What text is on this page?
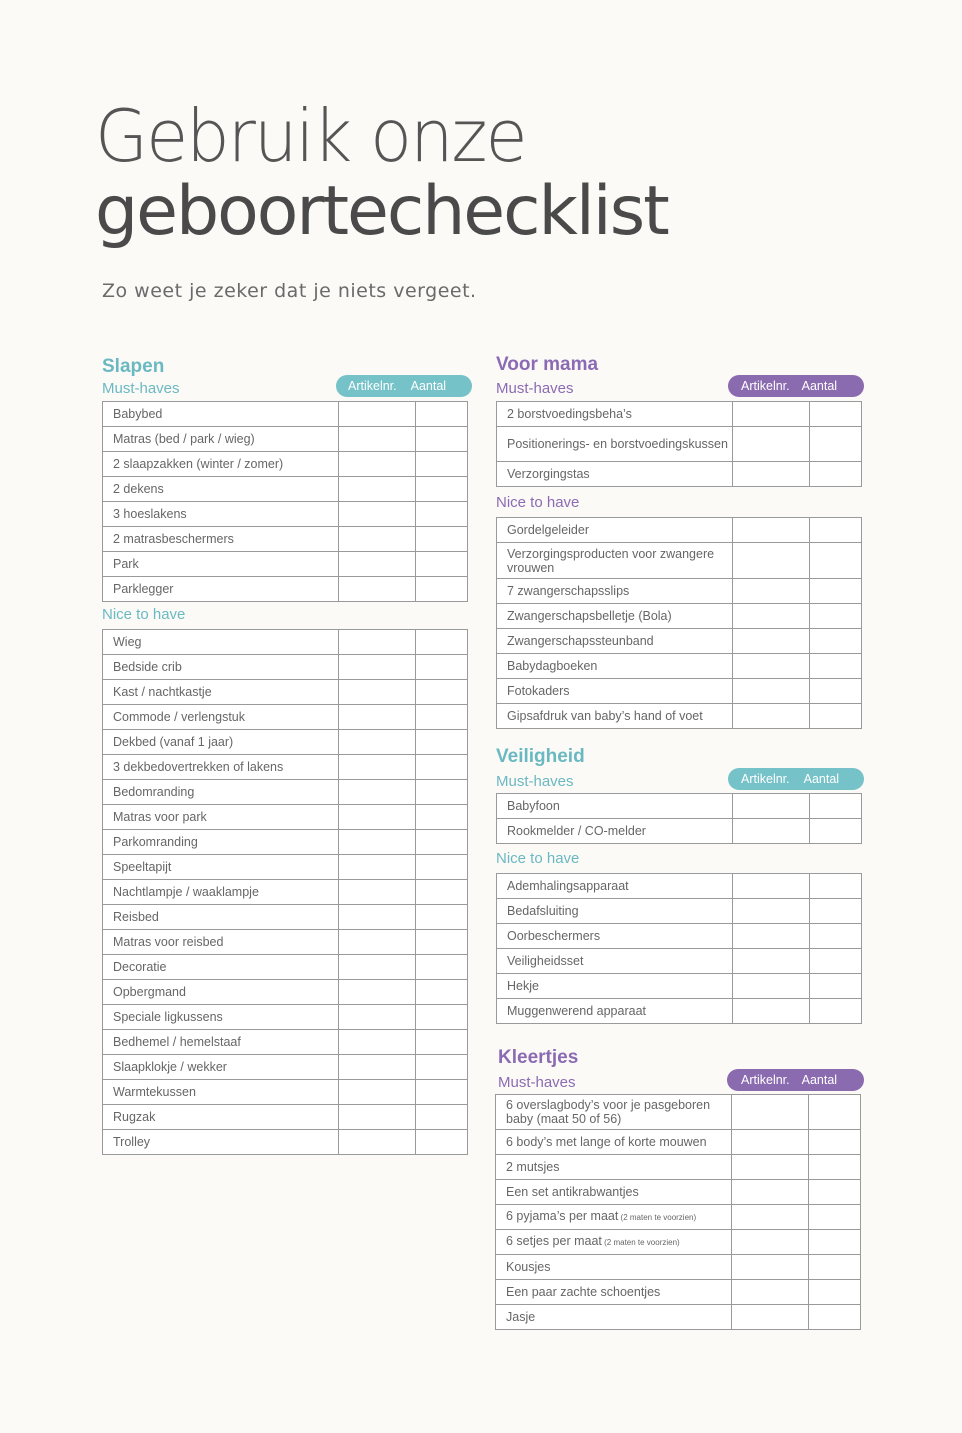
Gebruik onze
geboortechecklist
Zo weet je zeker dat je niets vergeet.
Slapen
Must-haves	Artikelnr. Aantal
Babybed		
Matras (bed / park / wieg)		
2 slaapzakken (winter / zomer)		
2 dekens		
3 hoeslakens		
2 matrasbeschermers		
Park		
Parklegger		
Nice to have
Wieg		
Bedside crib		
Kast / nachtkastje		
Commode / verlengstuk		
Dekbed (vanaf 1 jaar)		
3 dekbedovertrekken of lakens		
Bedomranding		
Matras voor park		
Parkomranding		
Speeltapijt		
Nachtlampje / waaklampje		
Reisbed		
Matras voor reisbed		
Decoratie		
Opbergmand		
Speciale ligkussens		
Bedhemel / hemelstaaf		
Slaapklokje / wekker		
Warmtekussen		
Rugzak		
Trolley		
Voor mama
Must-haves	Artikelnr. Aantal
2 borstvoedingsbeha’s		
Positionerings- en borstvoedingskussen		
Verzorgingstas		
Nice to have
Gordelgeleider		
Verzorgingsproducten voor zwangere vrouwen		
7 zwangerschapsslips		
Zwangerschapsbelletje (Bola)		
Zwangerschapssteunband		
Babydagboeken		
Fotokaders		
Gipsafdruk van baby’s hand of voet		
Veiligheid
Must-haves	Artikelnr. Aantal
Babyfoon		
Rookmelder / CO-melder		
Nice to have
Ademhalingsapparaat		
Bedafsluiting		
Oorbeschermers		
Veiligheidsset		
Hekje		
Muggenwerend apparaat		
Kleertjes
Must-haves	Artikelnr. Aantal
6 overslagbody’s voor je pasgeboren baby (maat 50 of 56)		
6 body’s met lange of korte mouwen		
2 mutsjes		
Een set antikrabwantjes		
6 pyjama’s per maat (2 maten te voorzien)		
6 setjes per maat (2 maten te voorzien)		
Kousjes		
Een paar zachte schoentjes		
Jasje		
